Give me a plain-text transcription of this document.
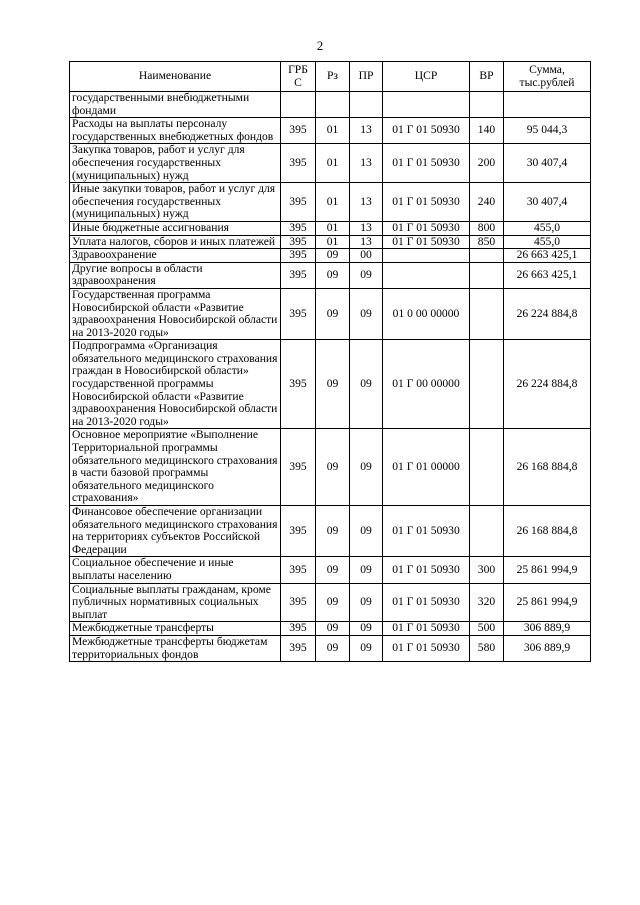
2
Наименование	ГРБ С	Рз	ПР	ЦСР	ВР	Сумма, тыс.рублей
государственными внебюджетными фондами						
Расходы на выплаты персоналу государственных внебюджетных фондов	395	01	13	01 Г 01 50930	140	95 044,3
Закупка товаров, работ и услуг для обеспечения государственных (муниципальных) нужд	395	01	13	01 Г 01 50930	200	30 407,4
Иные закупки товаров, работ и услуг для обеспечения государственных (муниципальных) нужд	395	01	13	01 Г 01 50930	240	30 407,4
Иные бюджетные ассигнования	395	01	13	01 Г 01 50930	800	455,0
Уплата налогов, сборов и иных платежей	395	01	13	01 Г 01 50930	850	455,0
Здравоохранение	395	09	00			26 663 425,1
Другие вопросы в области здравоохранения	395	09	09			26 663 425,1
Государственная программа Новосибирской области «Развитие здравоохранения Новосибирской области на 2013-2020 годы»	395	09	09	01 0 00 00000		26 224 884,8
Подпрограмма «Организация обязательного медицинского страхования граждан в Новосибирской области» государственной программы Новосибирской области «Развитие здравоохранения Новосибирской области на 2013-2020 годы»	395	09	09	01 Г 00 00000		26 224 884,8
Основное мероприятие «Выполнение Территориальной программы обязательного медицинского страхования в части базовой программы обязательного медицинского страхования»	395	09	09	01 Г 01 00000		26 168 884,8
Финансовое обеспечение организации обязательного медицинского страхования на территориях субъектов Российской Федерации	395	09	09	01 Г 01 50930		26 168 884,8
Социальное обеспечение и иные выплаты населению	395	09	09	01 Г 01 50930	300	25 861 994,9
Социальные выплаты гражданам, кроме публичных нормативных социальных выплат	395	09	09	01 Г 01 50930	320	25 861 994,9
Межбюджетные трансферты	395	09	09	01 Г 01 50930	500	306 889,9
Межбюджетные трансферты бюджетам территориальных фондов	395	09	09	01 Г 01 50930	580	306 889,9
